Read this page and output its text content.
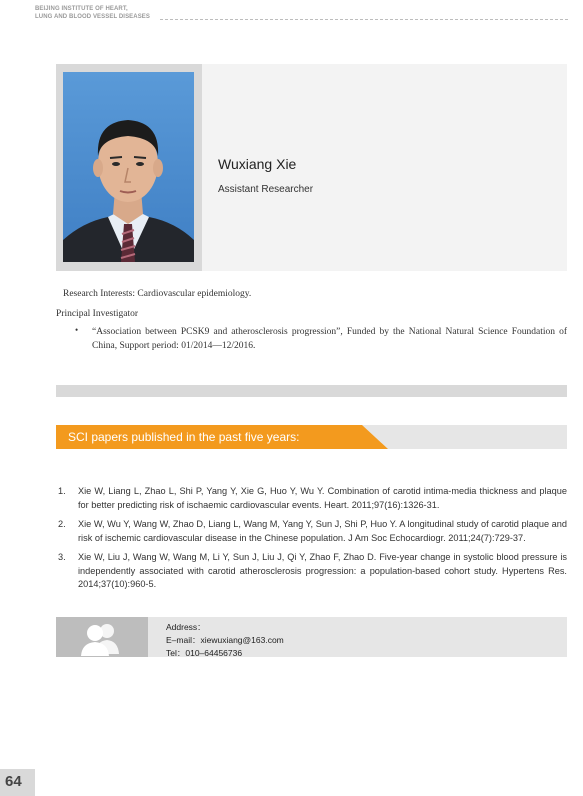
BEIJING INSTITUTE OF HEART,
LUNG AND BLOOD VESSEL DISEASES
Wuxiang Xie
Assistant Researcher
Research Interests: Cardiovascular epidemiology.
Principal Investigator
• “Association between PCSK9 and atherosclerosis progression”, Funded by the National Natural Science Foundation of China, Support period: 01/2014—12/2016.
SCI papers published in the past five years:
1. Xie W, Liang L, Zhao L, Shi P, Yang Y, Xie G, Huo Y, Wu Y. Combination of carotid intima-media thickness and plaque for better predicting risk of ischaemic cardiovascular events. Heart. 2011;97(16):1326-31.
2. Xie W, Wu Y, Wang W, Zhao D, Liang L, Wang M, Yang Y, Sun J, Shi P, Huo Y. A longitudinal study of carotid plaque and risk of ischemic cardiovascular disease in the Chinese population. J Am Soc Echocardiogr. 2011;24(7):729-37.
3. Xie W, Liu J, Wang W, Wang M, Li Y, Sun J, Liu J, Qi Y, Zhao F, Zhao D. Five-year change in systolic blood pressure is independently associated with carotid atherosclerosis progression: a population-based cohort study. Hypertens Res. 2014;37(10):960-5.
Address：
E–mail：xiewuxiang@163.com
Tel：010–64456736
64
